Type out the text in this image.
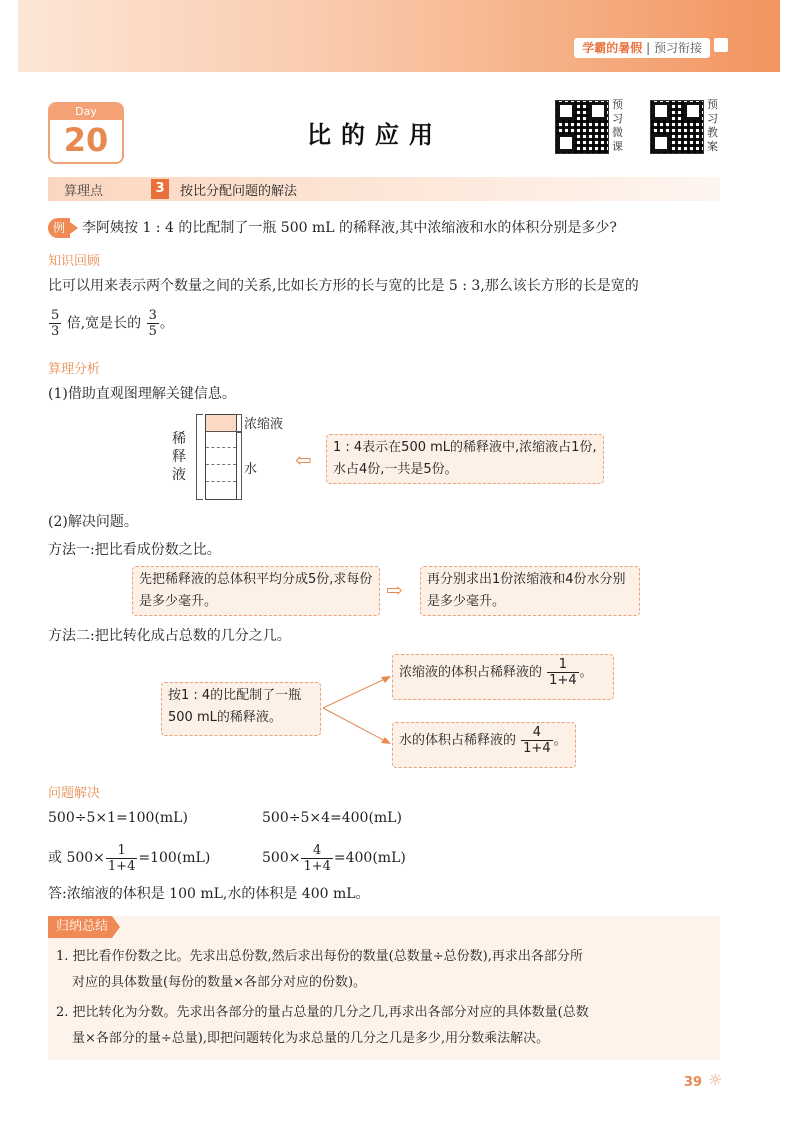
学霸的暑假 | 预习衔接
Day
20	比的应用
预习微课
预习教案
算理点	3	按比分配问题的解法
例	李阿姨按 1 : 4 的比配制了一瓶 500 mL 的稀释液,其中浓缩液和水的体积分别是多少?
知识回顾
比可以用来表示两个数量之间的关系,比如长方形的长与宽的比是 5 : 3,那么该长方形的长是宽的
$\frac{5}{3}$ 倍,宽是长的 $\frac{3}{5}$ 。
算理分析
(1)借助直观图理解关键信息。
稀释液
浓缩液
水 ⇦
1 : 4表示在500 mL的稀释液中,浓缩液占1份,水占4份,一共是5份。
(2)解决问题。
方法一:把比看成份数之比。
先把稀释液的总体积平均分成5份,求每份是多少毫升。	⇨	再分别求出1份浓缩液和4份水分别是多少毫升。
方法二:把比转化成占总数的几分之几。
按1 : 4的比配制了一瓶500 mL的稀释液。
浓缩液的体积占稀释液的 $\frac{1}{1+4}$ 。
水的体积占稀释液的 $\frac{4}{1+4}$ 。
问题解决
500÷5×1=100(mL)	500÷5×4=400(mL)
或 $500\times \frac{1}{1+4} =100(mL)$	$500\times \frac{4}{1+4} =400(mL)$
答:浓缩液的体积是 100 mL,水的体积是 400 mL。
归纳总结
1. 把比看作份数之比。先求出总份数,然后求出每份的数量(总数量÷总份数),再求出各部分所
对应的具体数量(每份的数量×各部分对应的份数)。
2. 把比转化为分数。先求出各部分的量占总量的几分之几,再求出各部分对应的具体数量(总数
量×各部分的量÷总量),即把问题转化为求总量的几分之几是多少,用分数乘法解决。
39 ☼
